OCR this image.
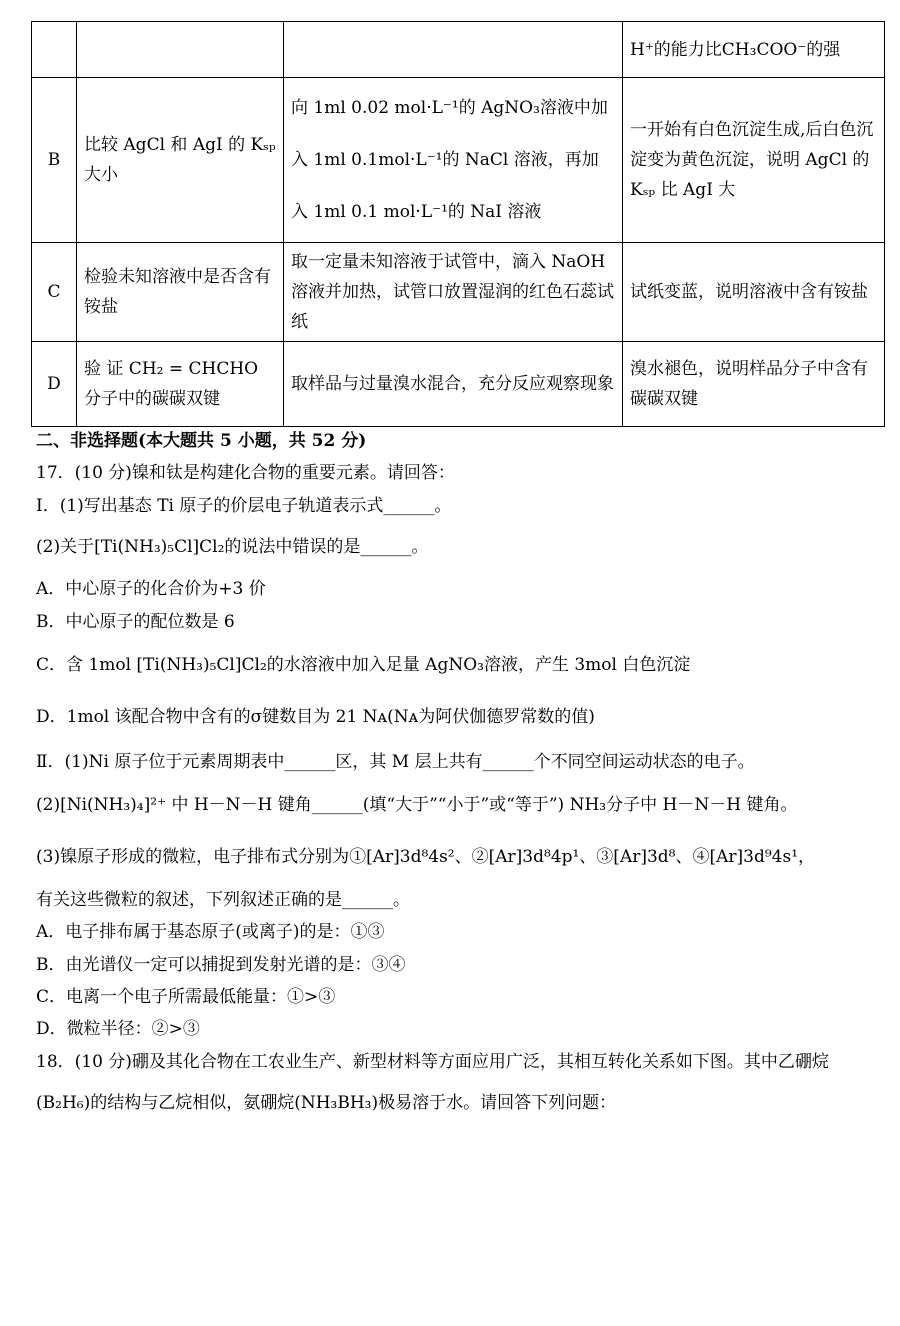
			H⁺的能力比CH₃COO⁻的强
B	比较 AgCl 和 AgI 的 Kₛₚ 大小	向 1ml 0.02 mol·L⁻¹的 AgNO₃溶液中加入 1ml 0.1mol·L⁻¹的 NaCl 溶液，再加入 1ml 0.1 mol·L⁻¹的 NaI 溶液	一开始有白色沉淀生成,后白色沉淀变为黄色沉淀，说明 AgCl 的 Kₛₚ 比 AgI 大
C	检验未知溶液中是否含有铵盐	取一定量未知溶液于试管中，滴入 NaOH 溶液并加热，试管口放置湿润的红色石蕊试纸	试纸变蓝，说明溶液中含有铵盐
D	验 证 CH₂ = CHCHO 分子中的碳碳双键	取样品与过量溴水混合，充分反应观察现象	溴水褪色，说明样品分子中含有碳碳双键
二、非选择题(本大题共 5 小题，共 52 分)
17．(10 分)镍和钛是构建化合物的重要元素。请回答：
Ⅰ．(1)写出基态 Ti 原子的价层电子轨道表示式______。
(2)关于[Ti(NH₃)₅Cl]Cl₂的说法中错误的是______。
A．中心原子的化合价为+3 价
B．中心原子的配位数是 6
C．含 1mol [Ti(NH₃)₅Cl]Cl₂的水溶液中加入足量 AgNO₃溶液，产生 3mol 白色沉淀
D．1mol 该配合物中含有的σ键数目为 21 Nᴀ(Nᴀ为阿伏伽德罗常数的值)
Ⅱ．(1)Ni 原子位于元素周期表中______区，其 M 层上共有______个不同空间运动状态的电子。
(2)[Ni(NH₃)₄]²⁺ 中 H－N－H 键角______(填“大于”“小于”或“等于”) NH₃分子中 H－N－H 键角。
(3)镍原子形成的微粒，电子排布式分别为①[Ar]3d⁸4s²、②[Ar]3d⁸4p¹、③[Ar]3d⁸、④[Ar]3d⁹4s¹，
有关这些微粒的叙述，下列叙述正确的是______。
A．电子排布属于基态原子(或离子)的是：①③
B．由光谱仪一定可以捕捉到发射光谱的是：③④
C．电离一个电子所需最低能量：①>③
D．微粒半径：②>③
18．(10 分)硼及其化合物在工农业生产、新型材料等方面应用广泛，其相互转化关系如下图。其中乙硼烷
(B₂H₆)的结构与乙烷相似，氨硼烷(NH₃BH₃)极易溶于水。请回答下列问题：
